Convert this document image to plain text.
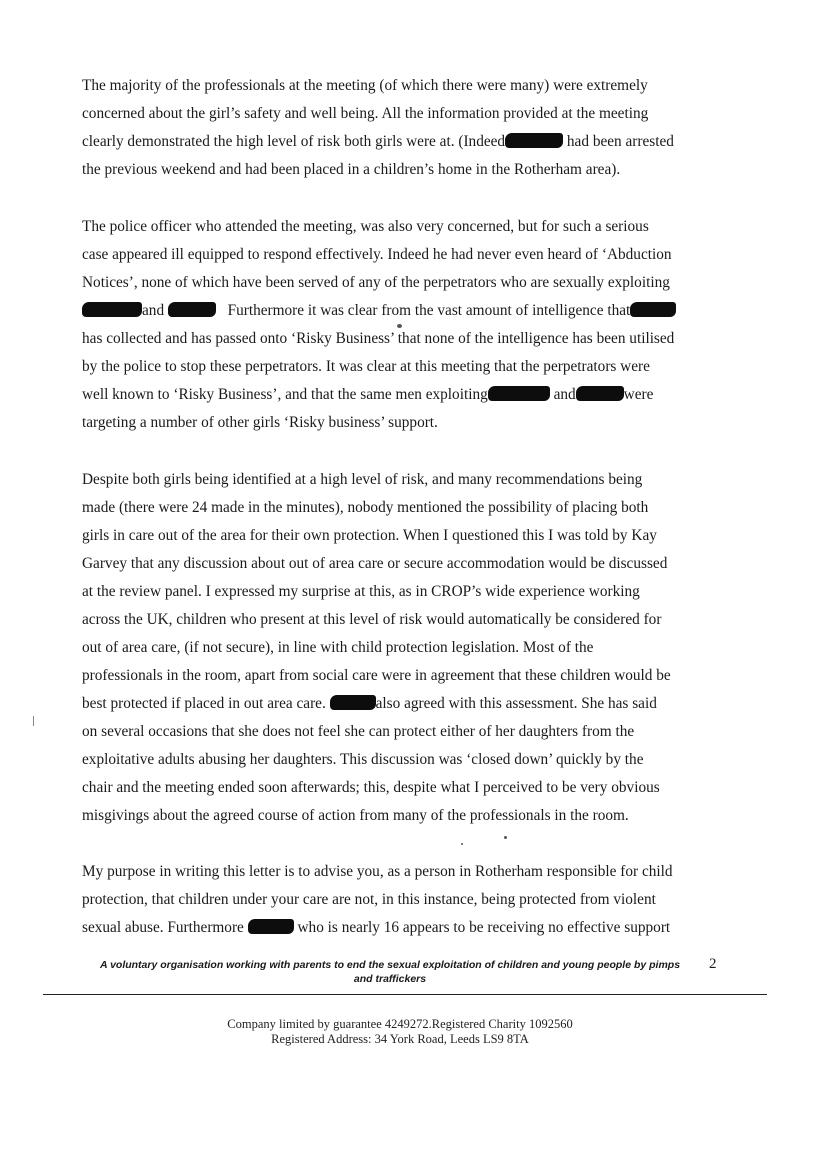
The majority of the professionals at the meeting (of which there were many) were extremely
concerned about the girl’s safety and well being. All the information provided at the meeting
clearly demonstrated the high level of risk both girls were at. (Indeed	had been arrested
the previous weekend and had been placed in a children’s home in the Rotherham area).
The police officer who attended the meeting, was also very concerned, but for such a serious
case appeared ill equipped to respond effectively. Indeed he had never even heard of ‘Abduction
Notices’, none of which have been served of any of the perpetrators who are sexually exploiting
and	Furthermore it was clear from the vast amount of intelligence that
has collected and has passed onto ‘Risky Business’ that none of the intelligence has been utilised
by the police to stop these perpetrators. It was clear at this meeting that the perpetrators were
well known to ‘Risky Business’, and that the same men exploiting	and	were
targeting a number of other girls ‘Risky business’ support.
Despite both girls being identified at a high level of risk, and many recommendations being
made (there were 24 made in the minutes), nobody mentioned the possibility of placing both
girls in care out of the area for their own protection. When I questioned this I was told by Kay
Garvey that any discussion about out of area care or secure accommodation would be discussed
at the review panel. I expressed my surprise at this, as in CROP’s wide experience working
across the UK, children who present at this level of risk would automatically be considered for
out of area care, (if not secure), in line with child protection legislation. Most of the
professionals in the room, apart from social care were in agreement that these children would be
best protected if placed in out area care.	also agreed with this assessment. She has said
on several occasions that she does not feel she can protect either of her daughters from the
exploitative adults abusing her daughters. This discussion was ‘closed down’ quickly by the
chair and the meeting ended soon afterwards; this, despite what I perceived to be very obvious
misgivings about the agreed course of action from many of the professionals in the room.
My purpose in writing this letter is to advise you, as a person in Rotherham responsible for child
protection, that children under your care are not, in this instance, being protected from violent
sexual abuse. Furthermore	who is nearly 16 appears to be receiving no effective support
A voluntary organisation working with parents to end the sexual exploitation of children and young people by pimps and traffickers
2
Company limited by guarantee 4249272.Registered Charity 1092560
Registered Address: 34 York Road, Leeds LS9 8TA
